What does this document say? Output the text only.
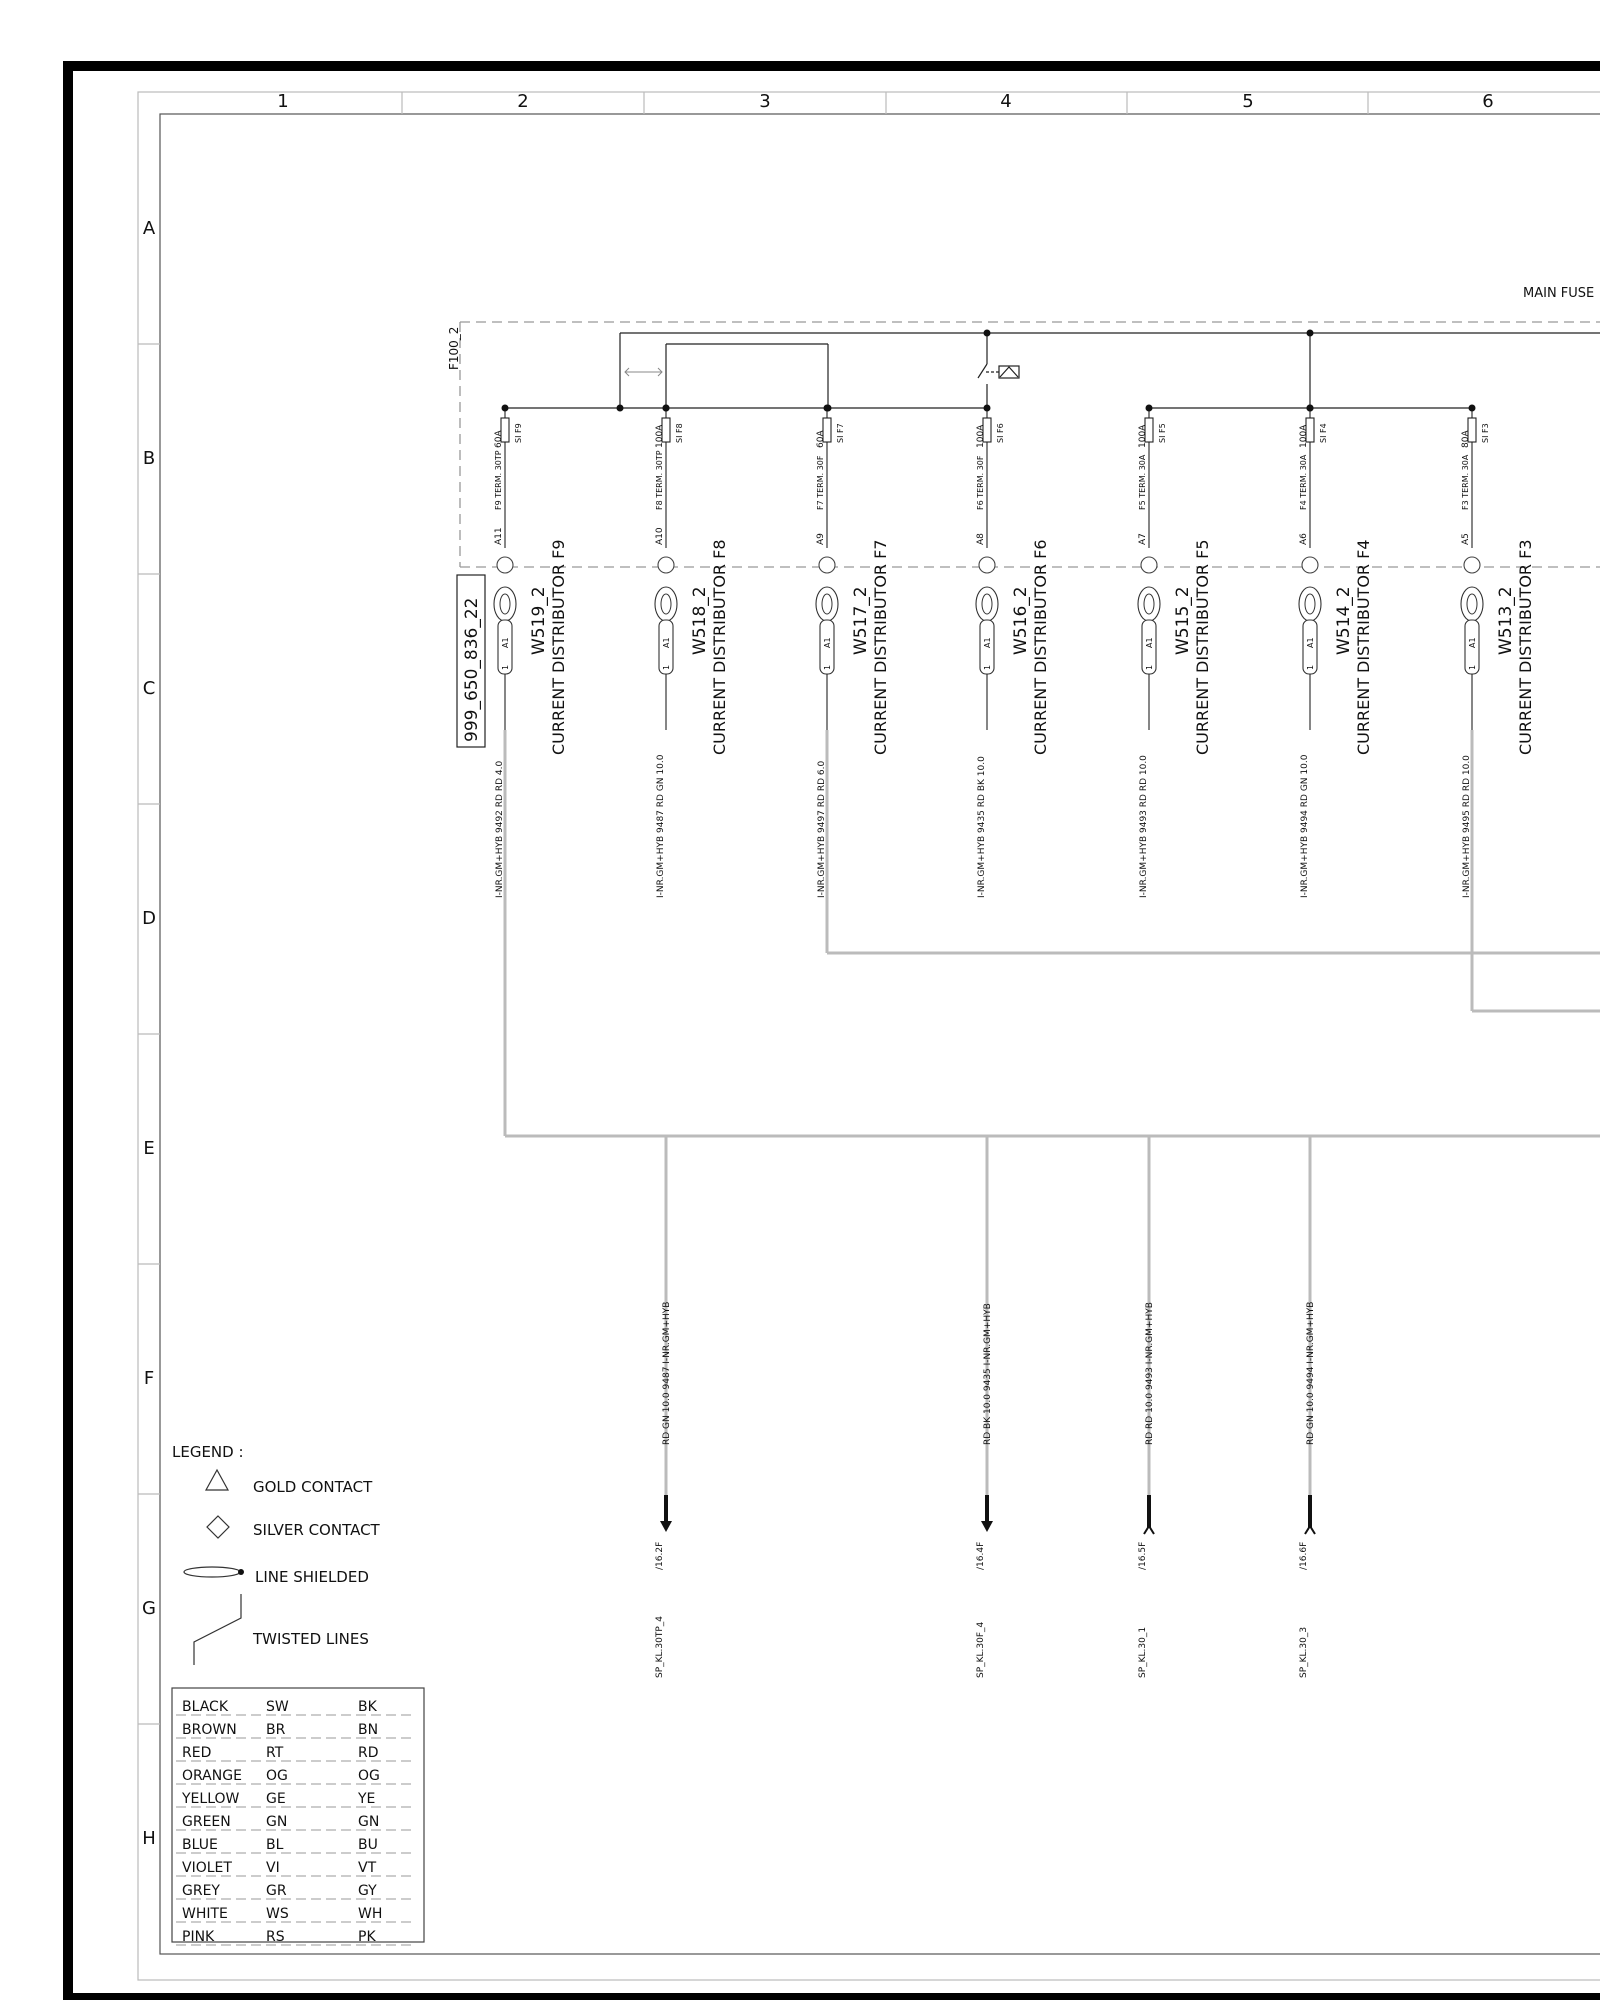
1	2	3	4	5	6
A
B
C
D
E
F
G
H
MAIN FUSE
F100_2
999_650_836_22 A1
1
A11
F9 TERM. 30TP
60A SI F9
W519_2 CURRENT DISTRIBUTOR F9
I-NR.GM+HYB 9492 RD RD 4.0
A1
1
A10
F8 TERM. 30TP
100A SI F8
W518_2 CURRENT DISTRIBUTOR F8
I-NR.GM+HYB 9487 RD GN 10.0
A1
1
A9
F7 TERM. 30F
60A SI F7
W517_2 CURRENT DISTRIBUTOR F7
I-NR.GM+HYB 9497 RD RD 6.0
A1
1
A8
F6 TERM. 30F
100A SI F6
W516_2 CURRENT DISTRIBUTOR F6
I-NR.GM+HYB 9435 RD BK 10.0
A1
1
A7
F5 TERM. 30A
100A SI F5
W515_2 CURRENT DISTRIBUTOR F5
I-NR.GM+HYB 9493 RD RD 10.0
A1
1
A6
F4 TERM. 30A
100A SI F4
W514_2 CURRENT DISTRIBUTOR F4
I-NR.GM+HYB 9494 RD GN 10.0
A1
1
A5
F3 TERM. 30A
80A SI F3
W513_2 CURRENT DISTRIBUTOR F3
I-NR.GM+HYB 9495 RD RD 10.0
RD GN 10.0 9487 I-NR.GM+HYB
/16.2F
SP_KL.30TP_4
RD BK 10.0 9435 I-NR.GM+HYB
/16.4F
SP_KL.30F_4
RD RD 10.0 9493 I-NR.GM+HYB
/16.5F
SP_KL.30_1
RD GN 10.0 9494 I-NR.GM+HYB
/16.6F
SP_KL.30_3
LEGEND :
GOLD CONTACT
SILVER CONTACT
LINE SHIELDED
TWISTED LINES
BLACK	SW	BK
BROWN BR	BN
RED	RT	RD
ORANGE OG	OG
YELLOW GE	YE
GREEN	GN	GN
BLUE	BL	BU
VIOLET VI	VT
GREY	GR	GY
WHITE	WS	WH
PINK	RS	PK
